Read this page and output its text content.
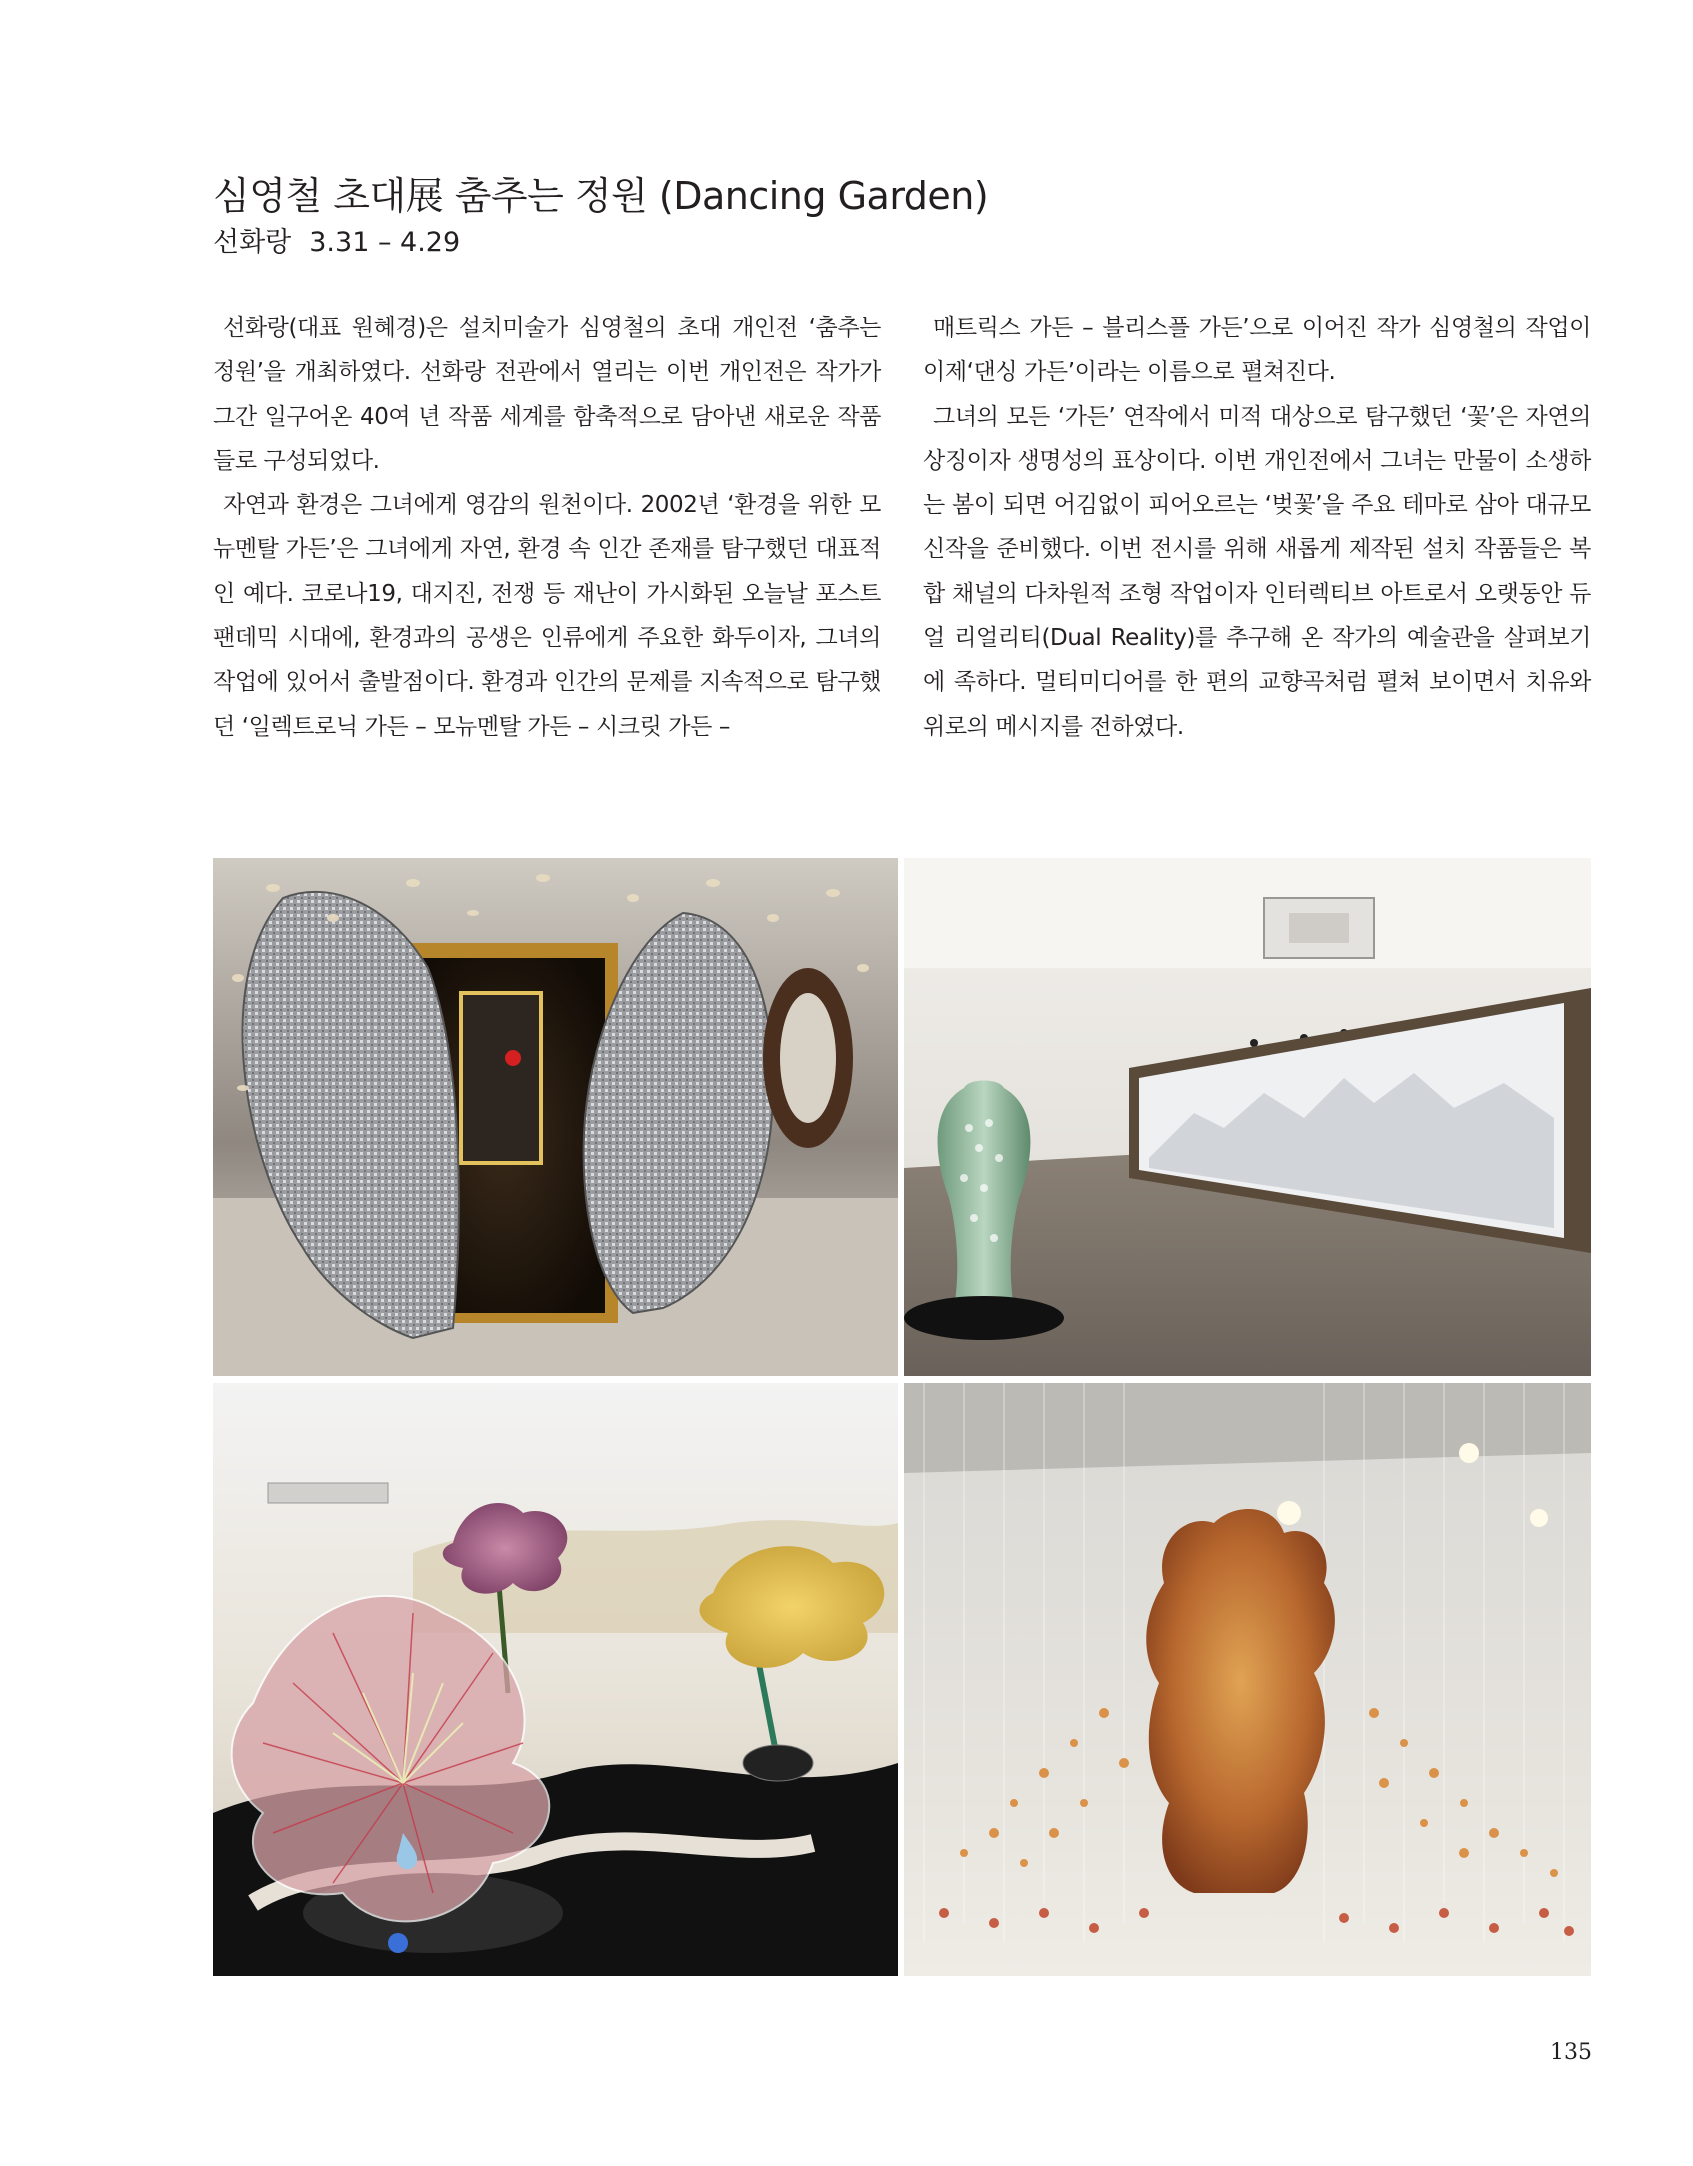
심영철 초대展 춤추는 정원 (Dancing Garden)
선화랑 3.31 – 4.29

선화랑(대표 원혜경)은 설치미술가 심영철의 초대 개인전 ‘춤추는 정원’을 개최하였다. 선화랑 전관에서 열리는 이번 개인전은 작가가 그간 일구어온 40여 년 작품 세계를 함축적으로 담아낸 새로운 작품들로 구성되었다.

자연과 환경은 그녀에게 영감의 원천이다. 2002년 ‘환경을 위한 모뉴멘탈 가든’은 그녀에게 자연, 환경 속 인간 존재를 탐구했던 대표적인 예다. 코로나19, 대지진, 전쟁 등 재난이 가시화된 오늘날 포스트 팬데믹 시대에, 환경과의 공생은 인류에게 주요한 화두이자, 그녀의 작업에 있어서 출발점이다. 환경과 인간의 문제를 지속적으로 탐구했던 ‘일렉트로닉 가든 – 모뉴멘탈 가든 – 시크릿 가든 –

매트릭스 가든 – 블리스플 가든’으로 이어진 작가 심영철의 작업이 이제‘댄싱 가든’이라는 이름으로 펼쳐진다.

그녀의 모든 ‘가든’ 연작에서 미적 대상으로 탐구했던 ‘꽃’은 자연의 상징이자 생명성의 표상이다. 이번 개인전에서 그녀는 만물이 소생하는 봄이 되면 어김없이 피어오르는 ‘벚꽃’을 주요 테마로 삼아 대규모 신작을 준비했다. 이번 전시를 위해 새롭게 제작된 설치 작품들은 복합 채널의 다차원적 조형 작업이자 인터렉티브 아트로서 오랫동안 듀얼 리얼리티(Dual Reality)를 추구해 온 작가의 예술관을 살펴보기에 족하다. 멀티미디어를 한 편의 교향곡처럼 펼쳐 보이면서 치유와 위로의 메시지를 전하였다.

135
